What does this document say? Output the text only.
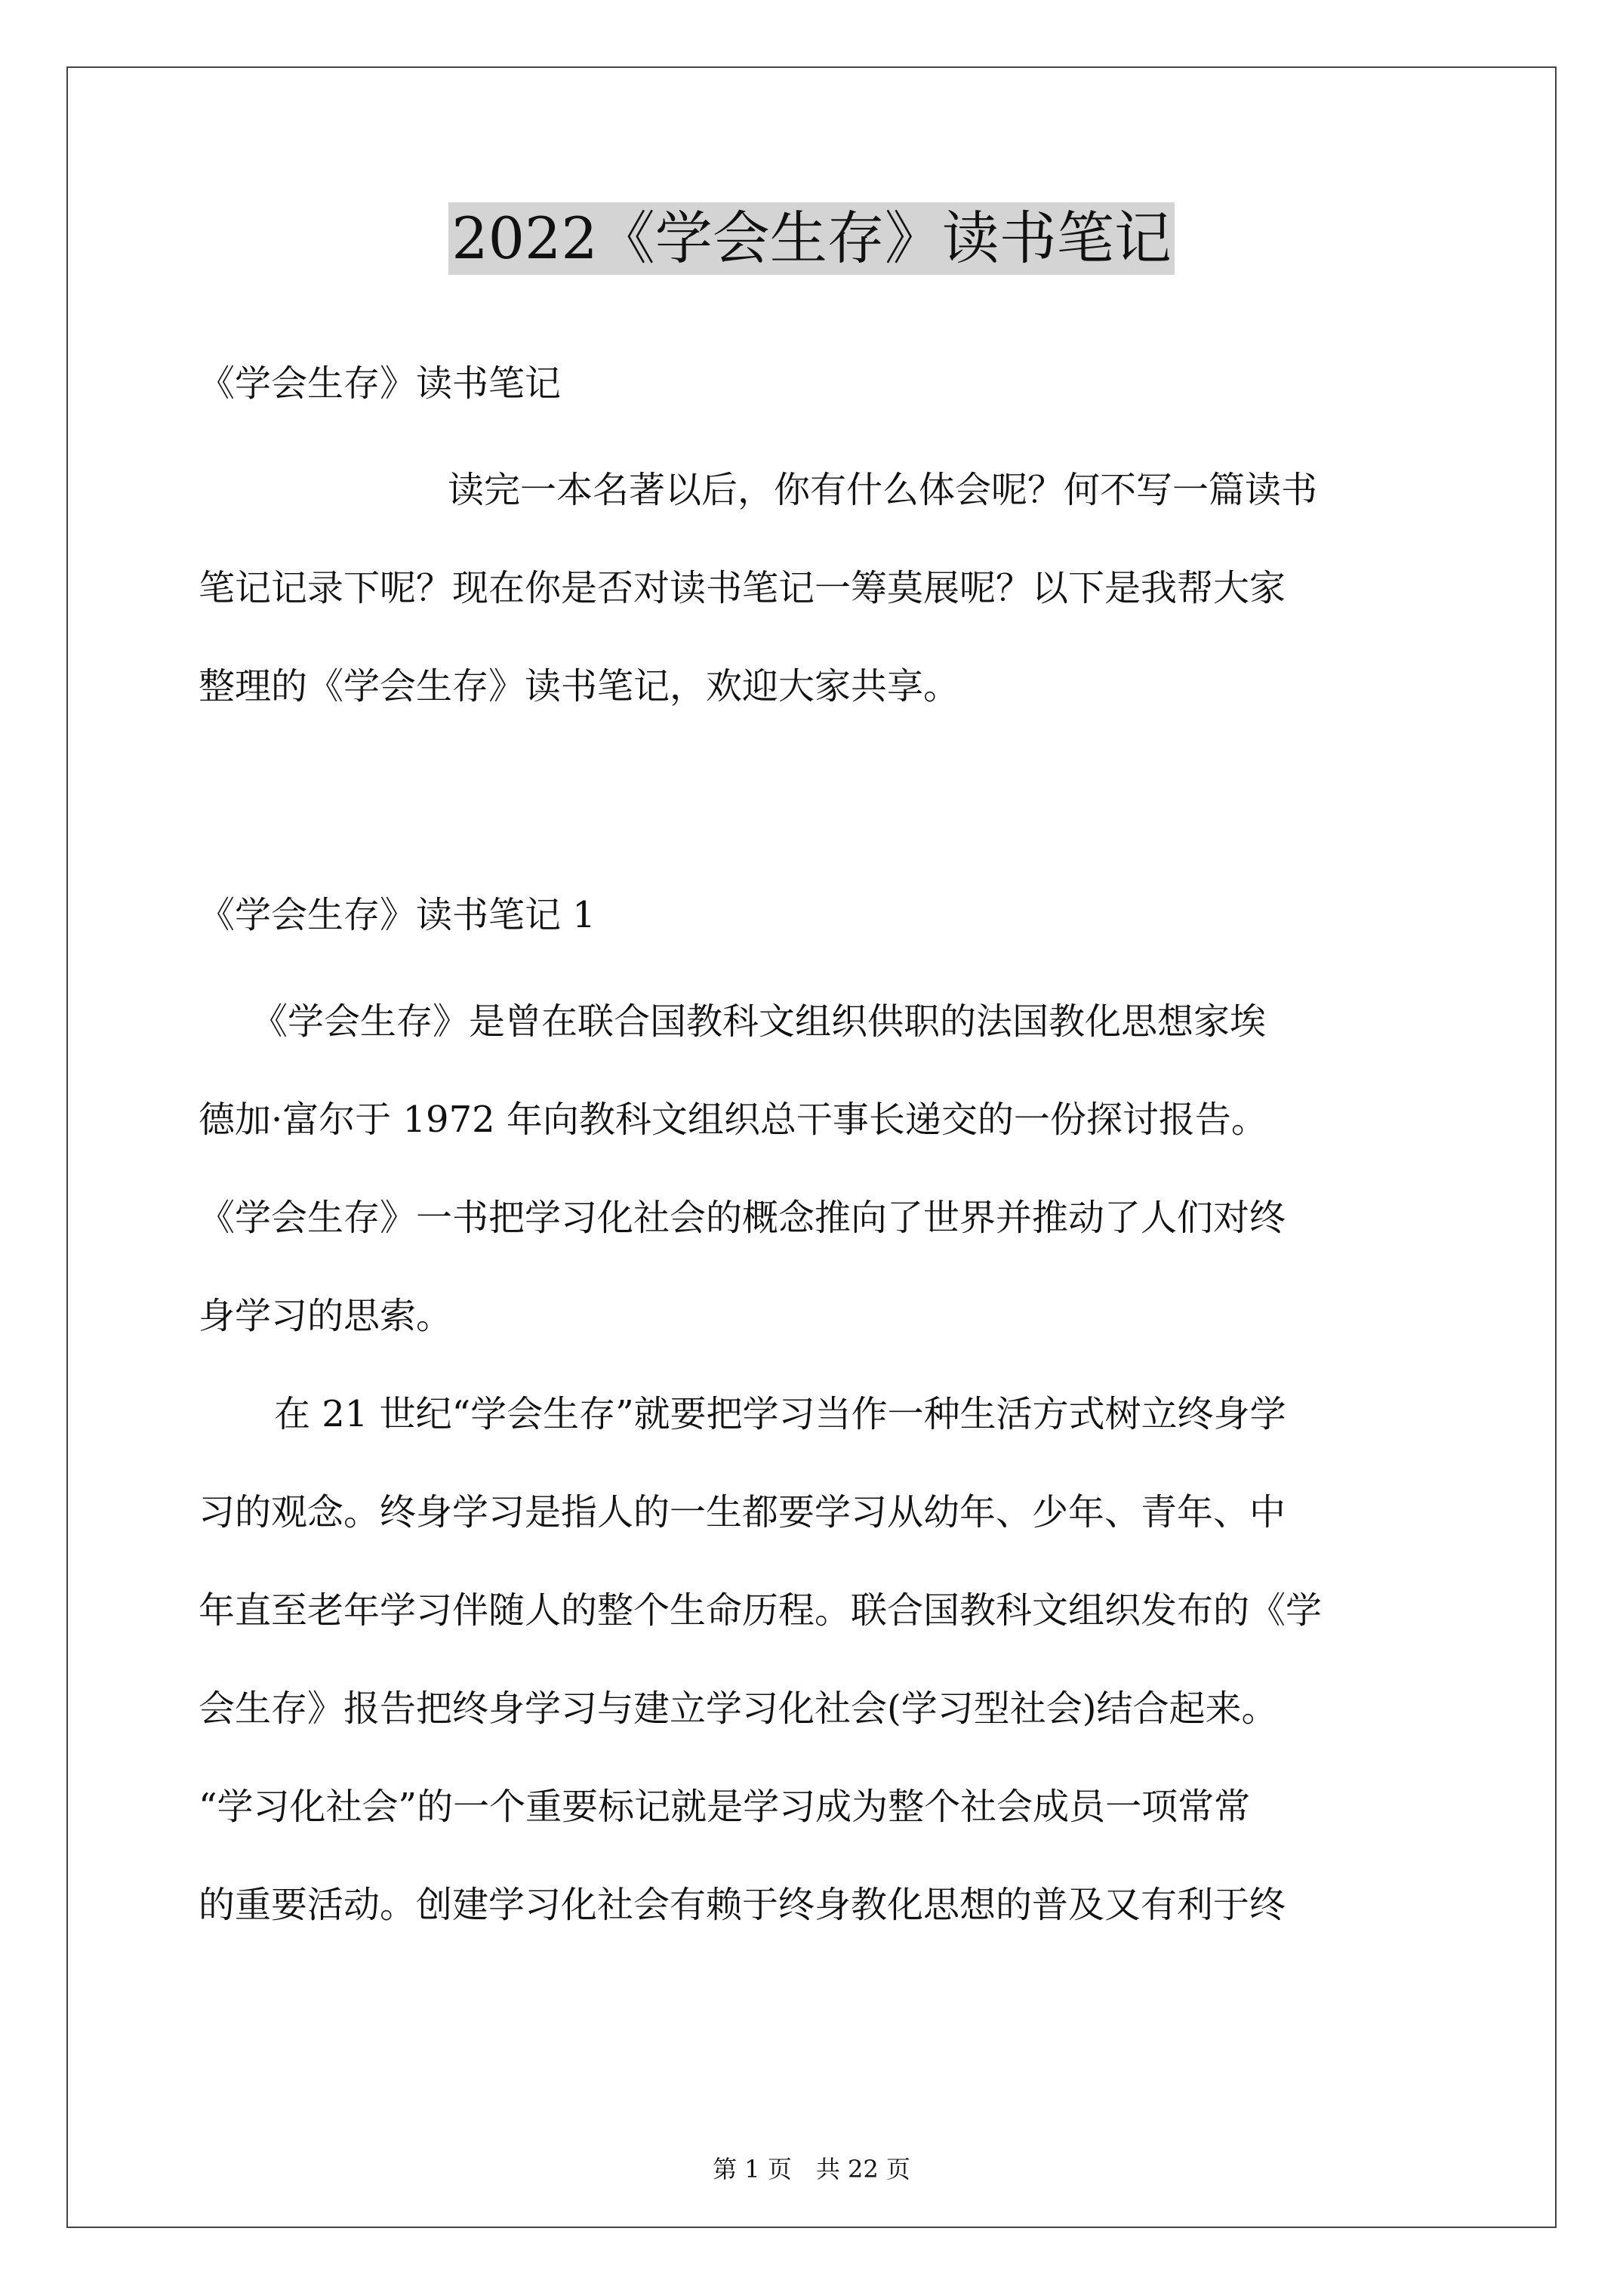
2022《学会生存》读书笔记

《学会生存》读书笔记

读完一本名著以后，你有什么体会呢？何不写一篇读书
笔记记录下呢？现在你是否对读书笔记一筹莫展呢？以下是我帮大家
整理的《学会生存》读书笔记，欢迎大家共享。

《学会生存》读书笔记 1

《学会生存》是曾在联合国教科文组织供职的法国教化思想家埃
德加·富尔于 1972 年向教科文组织总干事长递交的一份探讨报告。
《学会生存》一书把学习化社会的概念推向了世界并推动了人们对终
身学习的思索。
在 21 世纪“学会生存”就要把学习当作一种生活方式树立终身学
习的观念。终身学习是指人的一生都要学习从幼年、少年、青年、中
年直至老年学习伴随人的整个生命历程。联合国教科文组织发布的《学
会生存》报告把终身学习与建立学习化社会(学习型社会)结合起来。
“学习化社会”的一个重要标记就是学习成为整个社会成员一项常常
的重要活动。创建学习化社会有赖于终身教化思想的普及又有利于终

第 1 页　共 22 页
